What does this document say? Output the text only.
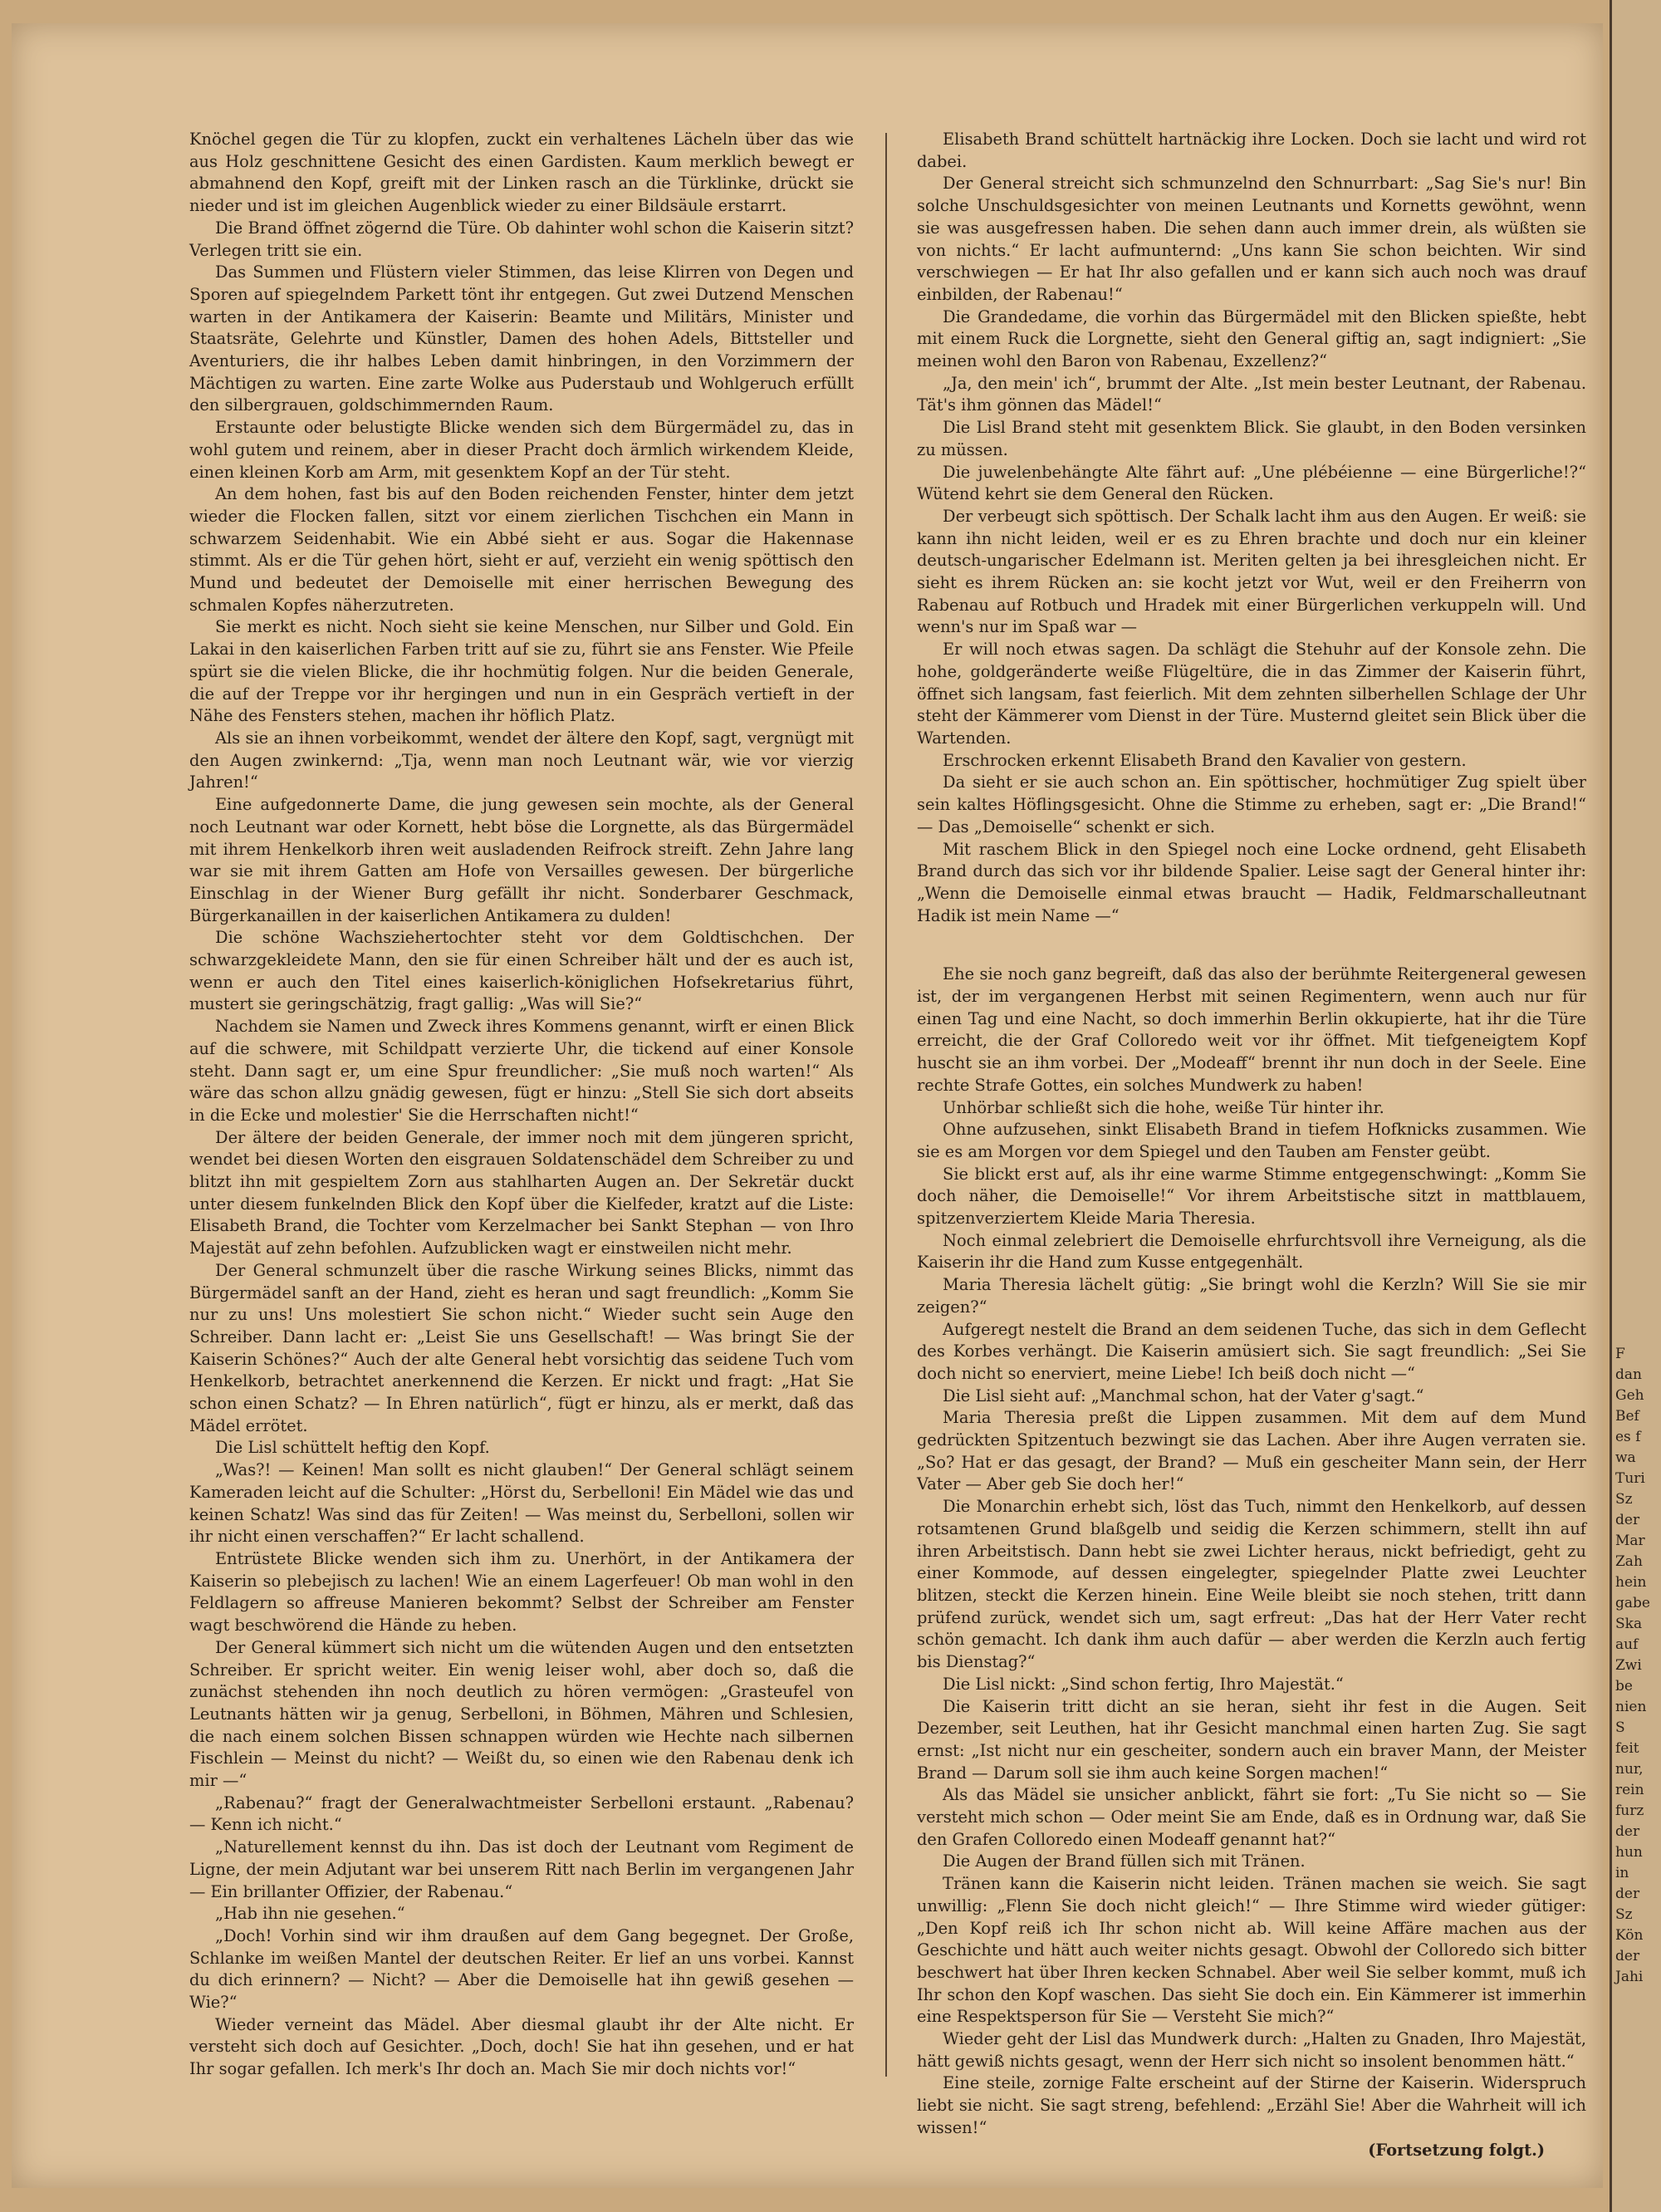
Knöchel gegen die Tür zu klopfen, zuckt ein verhaltenes Lächeln über das wie aus Holz geschnittene Gesicht des einen Gardisten. Kaum merklich bewegt er abmahnend den Kopf, greift mit der Linken rasch an die Türklinke, drückt sie nieder und ist im gleichen Augenblick wieder zu einer Bildsäule erstarrt.

Die Brand öffnet zögernd die Türe. Ob dahinter wohl schon die Kaiserin sitzt? Verlegen tritt sie ein.

Das Summen und Flüstern vieler Stimmen, das leise Klirren von Degen und Sporen auf spiegelndem Parkett tönt ihr entgegen. Gut zwei Dutzend Menschen warten in der Antikamera der Kaiserin: Beamte und Militärs, Minister und Staatsräte, Gelehrte und Künstler, Damen des hohen Adels, Bittsteller und Aventuriers, die ihr halbes Leben damit hinbringen, in den Vorzimmern der Mächtigen zu warten. Eine zarte Wolke aus Puderstaub und Wohlgeruch erfüllt den silbergrauen, goldschimmernden Raum.

Erstaunte oder belustigte Blicke wenden sich dem Bürgermädel zu, das in wohl gutem und reinem, aber in dieser Pracht doch ärmlich wirkendem Kleide, einen kleinen Korb am Arm, mit gesenktem Kopf an der Tür steht.

An dem hohen, fast bis auf den Boden reichenden Fenster, hinter dem jetzt wieder die Flocken fallen, sitzt vor einem zierlichen Tischchen ein Mann in schwarzem Seidenhabit. Wie ein Abbé sieht er aus. Sogar die Hakennase stimmt. Als er die Tür gehen hört, sieht er auf, verzieht ein wenig spöttisch den Mund und bedeutet der Demoiselle mit einer herrischen Bewegung des schmalen Kopfes näherzutreten.

Sie merkt es nicht. Noch sieht sie keine Menschen, nur Silber und Gold. Ein Lakai in den kaiserlichen Farben tritt auf sie zu, führt sie ans Fenster. Wie Pfeile spürt sie die vielen Blicke, die ihr hochmütig folgen. Nur die beiden Generale, die auf der Treppe vor ihr hergingen und nun in ein Gespräch vertieft in der Nähe des Fensters stehen, machen ihr höflich Platz.

Als sie an ihnen vorbeikommt, wendet der ältere den Kopf, sagt, vergnügt mit den Augen zwinkernd: „Tja, wenn man noch Leutnant wär, wie vor vierzig Jahren!“

Eine aufgedonnerte Dame, die jung gewesen sein mochte, als der General noch Leutnant war oder Kornett, hebt böse die Lorgnette, als das Bürgermädel mit ihrem Henkelkorb ihren weit ausladenden Reifrock streift. Zehn Jahre lang war sie mit ihrem Gatten am Hofe von Versailles gewesen. Der bürgerliche Einschlag in der Wiener Burg gefällt ihr nicht. Sonderbarer Geschmack, Bürgerkanaillen in der kaiserlichen Antikamera zu dulden!

Die schöne Wachsziehertochter steht vor dem Goldtischchen. Der schwarzgekleidete Mann, den sie für einen Schreiber hält und der es auch ist, wenn er auch den Titel eines kaiserlich-königlichen Hofsekretarius führt, mustert sie geringschätzig, fragt gallig: „Was will Sie?“

Nachdem sie Namen und Zweck ihres Kommens genannt, wirft er einen Blick auf die schwere, mit Schildpatt verzierte Uhr, die tickend auf einer Konsole steht. Dann sagt er, um eine Spur freundlicher: „Sie muß noch warten!“ Als wäre das schon allzu gnädig gewesen, fügt er hinzu: „Stell Sie sich dort abseits in die Ecke und molestier' Sie die Herrschaften nicht!“

Der ältere der beiden Generale, der immer noch mit dem jüngeren spricht, wendet bei diesen Worten den eisgrauen Soldatenschädel dem Schreiber zu und blitzt ihn mit gespieltem Zorn aus stahlharten Augen an. Der Sekretär duckt unter diesem funkelnden Blick den Kopf über die Kielfeder, kratzt auf die Liste: Elisabeth Brand, die Tochter vom Kerzelmacher bei Sankt Stephan — von Ihro Majestät auf zehn befohlen. Aufzublicken wagt er einstweilen nicht mehr.

Der General schmunzelt über die rasche Wirkung seines Blicks, nimmt das Bürgermädel sanft an der Hand, zieht es heran und sagt freundlich: „Komm Sie nur zu uns! Uns molestiert Sie schon nicht.“ Wieder sucht sein Auge den Schreiber. Dann lacht er: „Leist Sie uns Gesellschaft! — Was bringt Sie der Kaiserin Schönes?“ Auch der alte General hebt vorsichtig das seidene Tuch vom Henkelkorb, betrachtet anerkennend die Kerzen. Er nickt und fragt: „Hat Sie schon einen Schatz? — In Ehren natürlich“, fügt er hinzu, als er merkt, daß das Mädel errötet.

Die Lisl schüttelt heftig den Kopf.

„Was?! — Keinen! Man sollt es nicht glauben!“ Der General schlägt seinem Kameraden leicht auf die Schulter: „Hörst du, Serbelloni! Ein Mädel wie das und keinen Schatz! Was sind das für Zeiten! — Was meinst du, Serbelloni, sollen wir ihr nicht einen verschaffen?“ Er lacht schallend.

Entrüstete Blicke wenden sich ihm zu. Unerhört, in der Antikamera der Kaiserin so plebejisch zu lachen! Wie an einem Lagerfeuer! Ob man wohl in den Feldlagern so affreuse Manieren bekommt? Selbst der Schreiber am Fenster wagt beschwörend die Hände zu heben.

Der General kümmert sich nicht um die wütenden Augen und den entsetzten Schreiber. Er spricht weiter. Ein wenig leiser wohl, aber doch so, daß die zunächst stehenden ihn noch deutlich zu hören vermögen: „Grasteufel von Leutnants hätten wir ja genug, Serbelloni, in Böhmen, Mähren und Schlesien, die nach einem solchen Bissen schnappen würden wie Hechte nach silbernen Fischlein — Meinst du nicht? — Weißt du, so einen wie den Rabenau denk ich mir —“

„Rabenau?“ fragt der Generalwachtmeister Serbelloni erstaunt. „Rabenau? — Kenn ich nicht.“

„Naturellement kennst du ihn. Das ist doch der Leutnant vom Regiment de Ligne, der mein Adjutant war bei unserem Ritt nach Berlin im vergangenen Jahr — Ein brillanter Offizier, der Rabenau.“

„Hab ihn nie gesehen.“

„Doch! Vorhin sind wir ihm draußen auf dem Gang begegnet. Der Große, Schlanke im weißen Mantel der deutschen Reiter. Er lief an uns vorbei. Kannst du dich erinnern? — Nicht? — Aber die Demoiselle hat ihn gewiß gesehen — Wie?“

Wieder verneint das Mädel. Aber diesmal glaubt ihr der Alte nicht. Er versteht sich doch auf Gesichter. „Doch, doch! Sie hat ihn gesehen, und er hat Ihr sogar gefallen. Ich merk's Ihr doch an. Mach Sie mir doch nichts vor!“

Elisabeth Brand schüttelt hartnäckig ihre Locken. Doch sie lacht und wird rot dabei.

Der General streicht sich schmunzelnd den Schnurrbart: „Sag Sie's nur! Bin solche Unschuldsgesichter von meinen Leutnants und Kornetts gewöhnt, wenn sie was ausgefressen haben. Die sehen dann auch immer drein, als wüßten sie von nichts.“ Er lacht aufmunternd: „Uns kann Sie schon beichten. Wir sind verschwiegen — Er hat Ihr also gefallen und er kann sich auch noch was drauf einbilden, der Rabenau!“

Die Grandedame, die vorhin das Bürgermädel mit den Blicken spießte, hebt mit einem Ruck die Lorgnette, sieht den General giftig an, sagt indigniert: „Sie meinen wohl den Baron von Rabenau, Exzellenz?“

„Ja, den mein' ich“, brummt der Alte. „Ist mein bester Leutnant, der Rabenau. Tät's ihm gönnen das Mädel!“

Die Lisl Brand steht mit gesenktem Blick. Sie glaubt, in den Boden versinken zu müssen.

Die juwelenbehängte Alte fährt auf: „Une plébéienne — eine Bürgerliche!?“ Wütend kehrt sie dem General den Rücken.

Der verbeugt sich spöttisch. Der Schalk lacht ihm aus den Augen. Er weiß: sie kann ihn nicht leiden, weil er es zu Ehren brachte und doch nur ein kleiner deutsch-ungarischer Edelmann ist. Meriten gelten ja bei ihresgleichen nicht. Er sieht es ihrem Rücken an: sie kocht jetzt vor Wut, weil er den Freiherrn von Rabenau auf Rotbuch und Hradek mit einer Bürgerlichen verkuppeln will. Und wenn's nur im Spaß war —

Er will noch etwas sagen. Da schlägt die Stehuhr auf der Konsole zehn. Die hohe, goldgeränderte weiße Flügeltüre, die in das Zimmer der Kaiserin führt, öffnet sich langsam, fast feierlich. Mit dem zehnten silberhellen Schlage der Uhr steht der Kämmerer vom Dienst in der Türe. Musternd gleitet sein Blick über die Wartenden.

Erschrocken erkennt Elisabeth Brand den Kavalier von gestern.

Da sieht er sie auch schon an. Ein spöttischer, hochmütiger Zug spielt über sein kaltes Höflingsgesicht. Ohne die Stimme zu erheben, sagt er: „Die Brand!“ — Das „Demoiselle“ schenkt er sich.

Mit raschem Blick in den Spiegel noch eine Locke ordnend, geht Elisabeth Brand durch das sich vor ihr bildende Spalier. Leise sagt der General hinter ihr: „Wenn die Demoiselle einmal etwas braucht — Hadik, Feldmarschalleutnant Hadik ist mein Name —“

Ehe sie noch ganz begreift, daß das also der berühmte Reitergeneral gewesen ist, der im vergangenen Herbst mit seinen Regimentern, wenn auch nur für einen Tag und eine Nacht, so doch immerhin Berlin okkupierte, hat ihr die Türe erreicht, die der Graf Colloredo weit vor ihr öffnet. Mit tiefgeneigtem Kopf huscht sie an ihm vorbei. Der „Modeaff“ brennt ihr nun doch in der Seele. Eine rechte Strafe Gottes, ein solches Mundwerk zu haben!

Unhörbar schließt sich die hohe, weiße Tür hinter ihr.

Ohne aufzusehen, sinkt Elisabeth Brand in tiefem Hofknicks zusammen. Wie sie es am Morgen vor dem Spiegel und den Tauben am Fenster geübt.

Sie blickt erst auf, als ihr eine warme Stimme entgegenschwingt: „Komm Sie doch näher, die Demoiselle!“ Vor ihrem Arbeitstische sitzt in mattblauem, spitzenverziertem Kleide Maria Theresia.

Noch einmal zelebriert die Demoiselle ehrfurchtsvoll ihre Verneigung, als die Kaiserin ihr die Hand zum Kusse entgegenhält.

Maria Theresia lächelt gütig: „Sie bringt wohl die Kerzln? Will Sie sie mir zeigen?“

Aufgeregt nestelt die Brand an dem seidenen Tuche, das sich in dem Geflecht des Korbes verhängt. Die Kaiserin amüsiert sich. Sie sagt freundlich: „Sei Sie doch nicht so enerviert, meine Liebe! Ich beiß doch nicht —“

Die Lisl sieht auf: „Manchmal schon, hat der Vater g'sagt.“

Maria Theresia preßt die Lippen zusammen. Mit dem auf dem Mund gedrückten Spitzentuch bezwingt sie das Lachen. Aber ihre Augen verraten sie. „So? Hat er das gesagt, der Brand? — Muß ein gescheiter Mann sein, der Herr Vater — Aber geb Sie doch her!“

Die Monarchin erhebt sich, löst das Tuch, nimmt den Henkelkorb, auf dessen rotsamtenen Grund blaßgelb und seidig die Kerzen schimmern, stellt ihn auf ihren Arbeitstisch. Dann hebt sie zwei Lichter heraus, nickt befriedigt, geht zu einer Kommode, auf dessen eingelegter, spiegelnder Platte zwei Leuchter blitzen, steckt die Kerzen hinein. Eine Weile bleibt sie noch stehen, tritt dann prüfend zurück, wendet sich um, sagt erfreut: „Das hat der Herr Vater recht schön gemacht. Ich dank ihm auch dafür — aber werden die Kerzln auch fertig bis Dienstag?“

Die Lisl nickt: „Sind schon fertig, Ihro Majestät.“

Die Kaiserin tritt dicht an sie heran, sieht ihr fest in die Augen. Seit Dezember, seit Leuthen, hat ihr Gesicht manchmal einen harten Zug. Sie sagt ernst: „Ist nicht nur ein gescheiter, sondern auch ein braver Mann, der Meister Brand — Darum soll sie ihm auch keine Sorgen machen!“

Als das Mädel sie unsicher anblickt, fährt sie fort: „Tu Sie nicht so — Sie versteht mich schon — Oder meint Sie am Ende, daß es in Ordnung war, daß Sie den Grafen Colloredo einen Modeaff genannt hat?“

Die Augen der Brand füllen sich mit Tränen.

Tränen kann die Kaiserin nicht leiden. Tränen machen sie weich. Sie sagt unwillig: „Flenn Sie doch nicht gleich!“ — Ihre Stimme wird wieder gütiger: „Den Kopf reiß ich Ihr schon nicht ab. Will keine Affäre machen aus der Geschichte und hätt auch weiter nichts gesagt. Obwohl der Colloredo sich bitter beschwert hat über Ihren kecken Schnabel. Aber weil Sie selber kommt, muß ich Ihr schon den Kopf waschen. Das sieht Sie doch ein. Ein Kämmerer ist immerhin eine Respektsperson für Sie — Versteht Sie mich?“

Wieder geht der Lisl das Mundwerk durch: „Halten zu Gnaden, Ihro Majestät, hätt gewiß nichts gesagt, wenn der Herr sich nicht so insolent benommen hätt.“

Eine steile, zornige Falte erscheint auf der Stirne der Kaiserin. Widerspruch liebt sie nicht. Sie sagt streng, befehlend: „Erzähl Sie! Aber die Wahrheit will ich wissen!“

(Fortsetzung folgt.)

F
dan
Geh
Bef
es f
wa
Turi
Sz
der
Mar
Zah
hein
gabe
Ska
auf
Zwi
be
nien
S
feit
nur,
rein
furz
der
hun
in
der
Sz
Kön
der
Jahi
